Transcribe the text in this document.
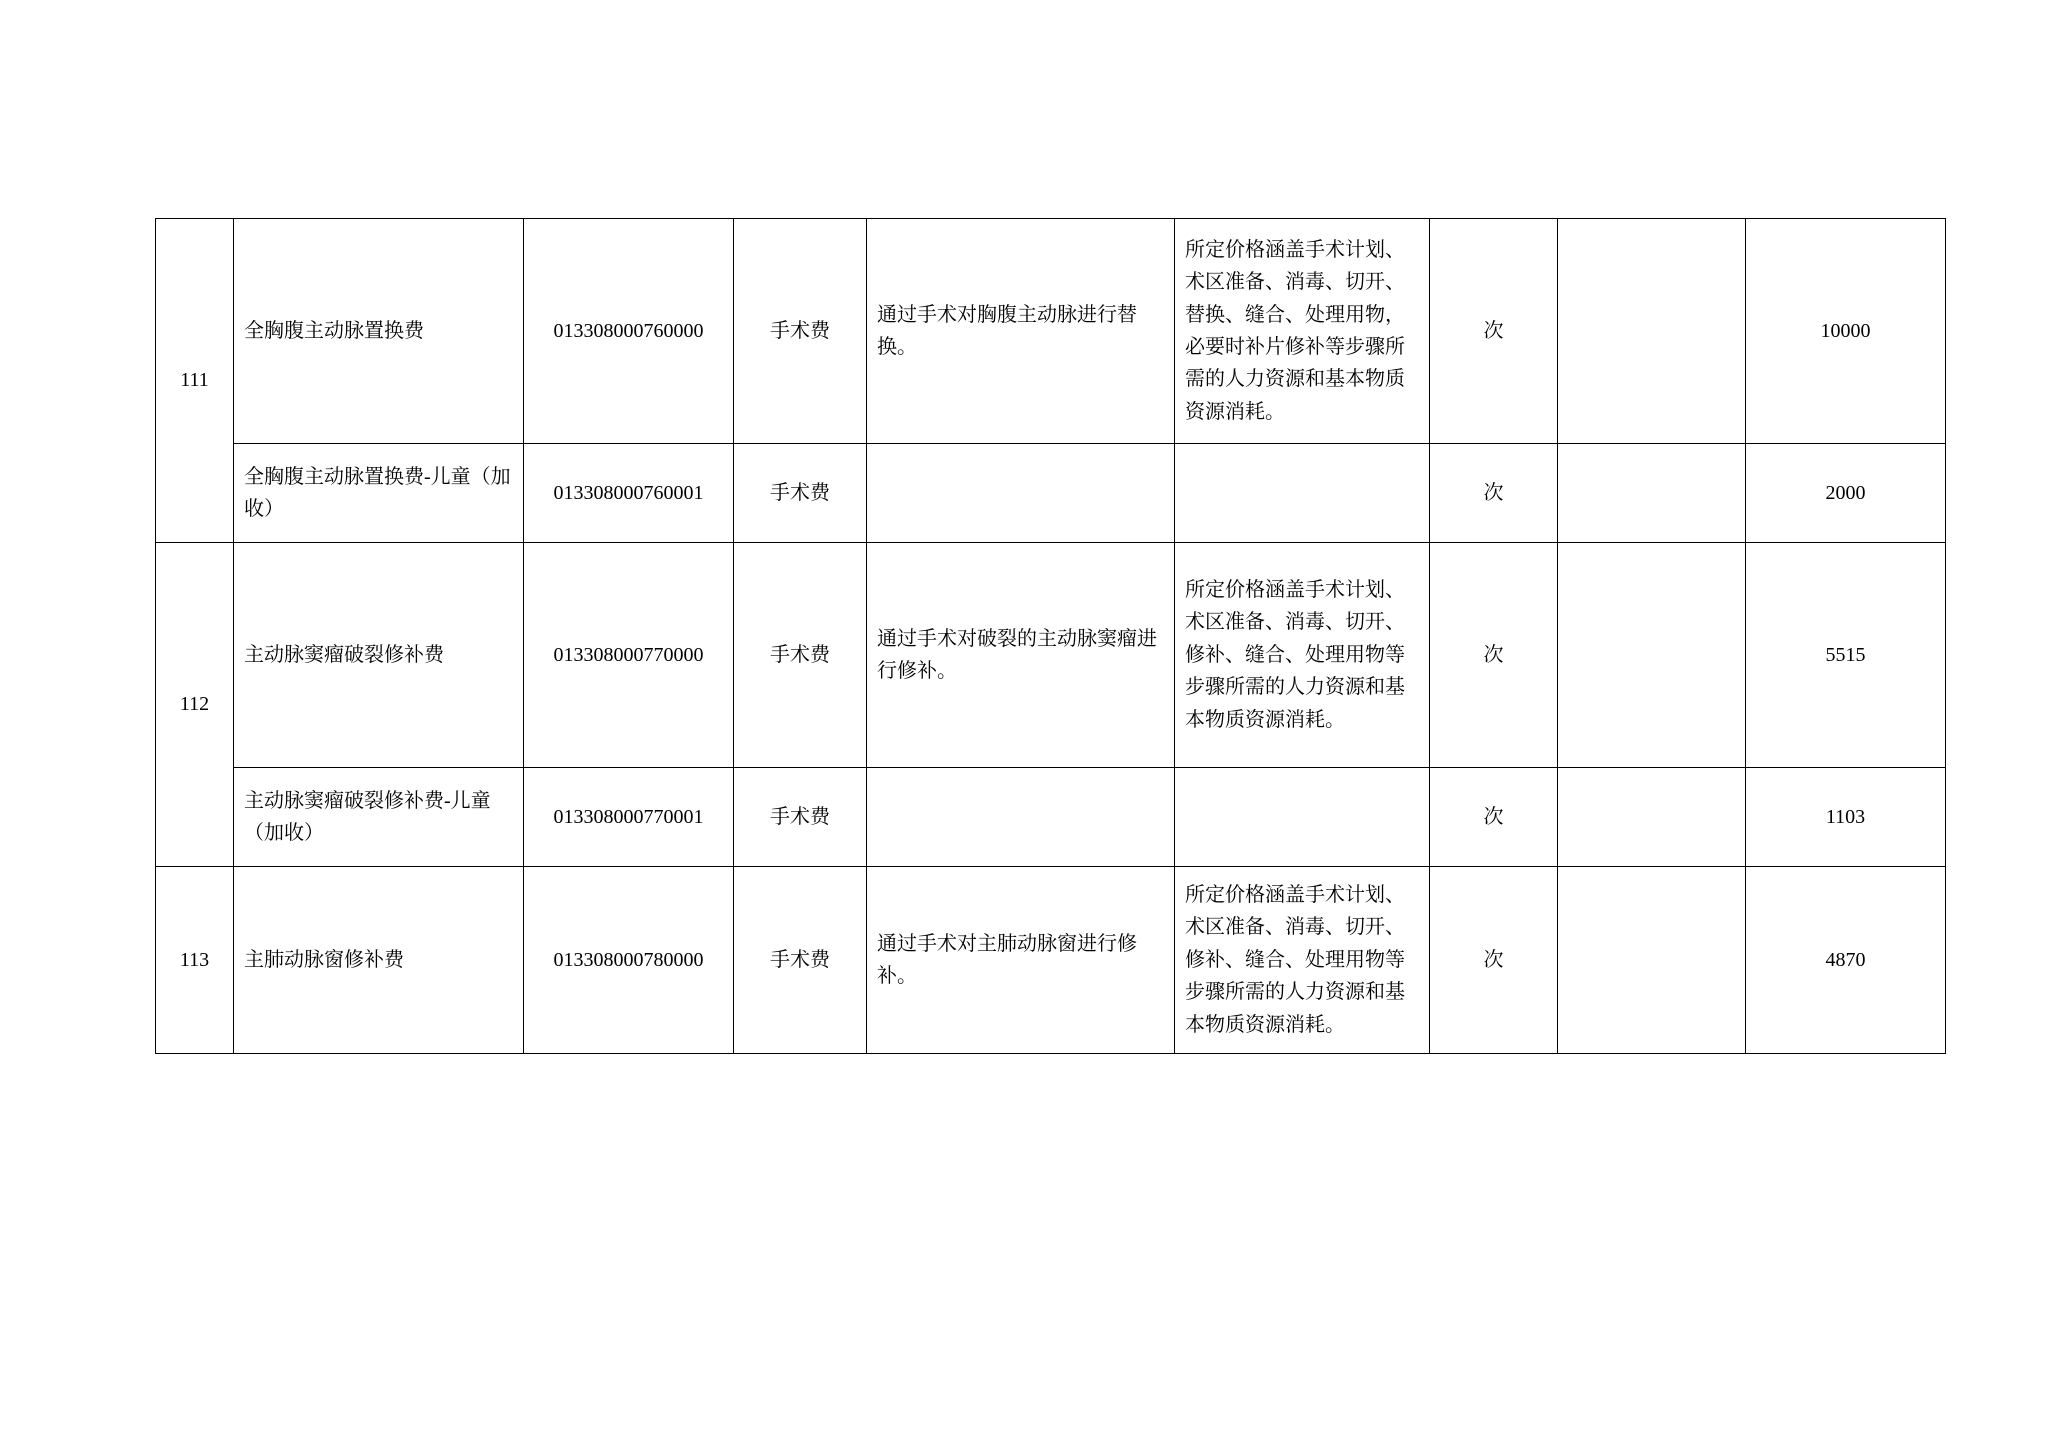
111	全胸腹主动脉置换费	013308000760000	手术费	通过手术对胸腹主动脉进行替换。	所定价格涵盖手术计划、术区准备、消毒、切开、替换、缝合、处理用物，必要时补片修补等步骤所需的人力资源和基本物质资源消耗。	次		10000
	全胸腹主动脉置换费-儿童（加收）	013308000760001	手术费			次		2000
112	主动脉窦瘤破裂修补费	013308000770000	手术费	通过手术对破裂的主动脉窦瘤进行修补。	所定价格涵盖手术计划、术区准备、消毒、切开、修补、缝合、处理用物等步骤所需的人力资源和基本物质资源消耗。	次		5515
	主动脉窦瘤破裂修补费-儿童（加收）	013308000770001	手术费			次		1103
113	主肺动脉窗修补费	013308000780000	手术费	通过手术对主肺动脉窗进行修补。	所定价格涵盖手术计划、术区准备、消毒、切开、修补、缝合、处理用物等步骤所需的人力资源和基本物质资源消耗。	次		4870
